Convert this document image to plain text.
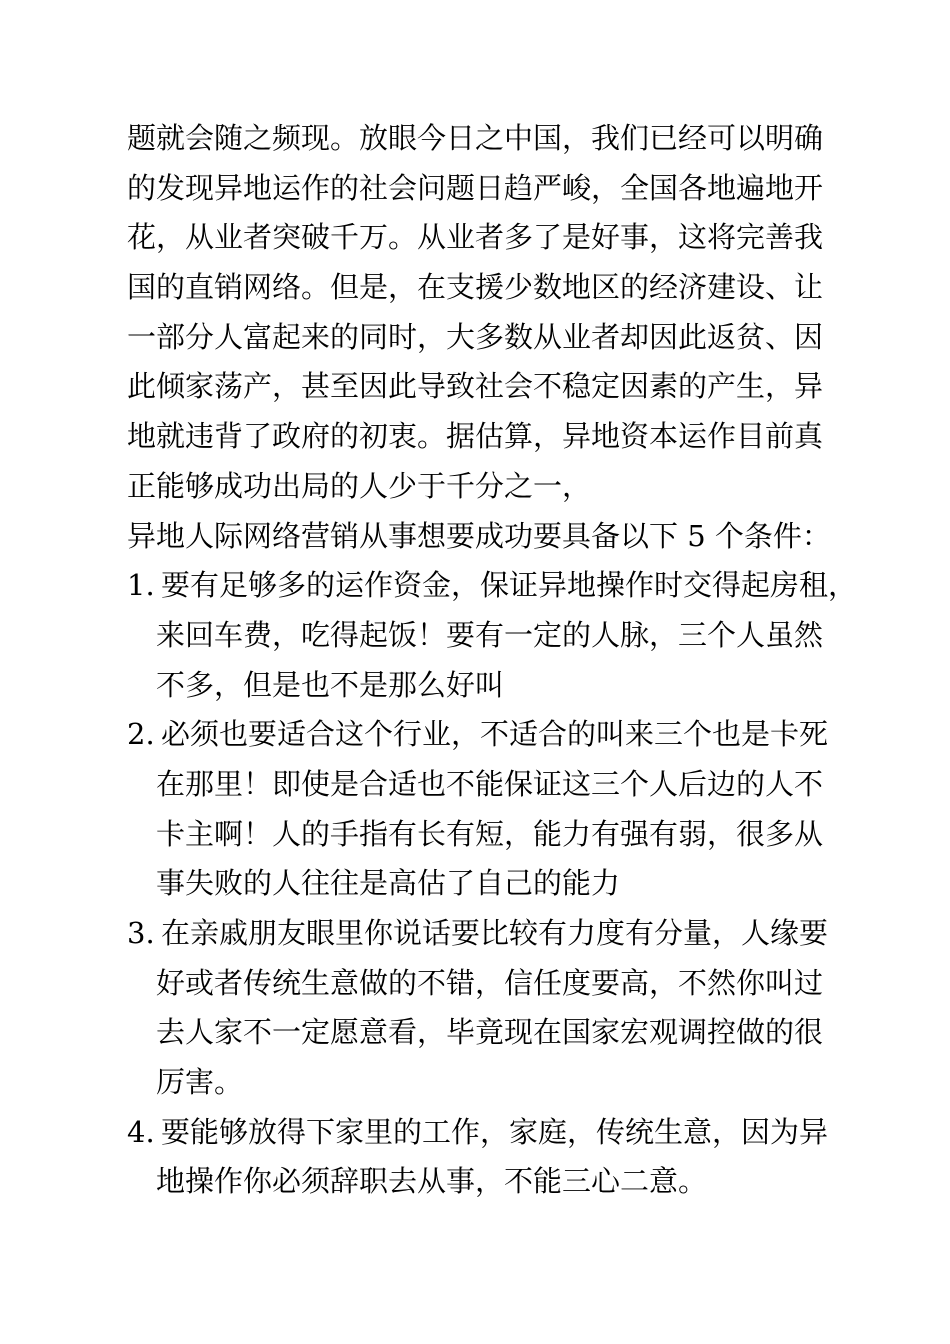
题就会随之频现。放眼今日之中国，我们已经可以明确
的发现异地运作的社会问题日趋严峻，全国各地遍地开
花，从业者突破千万。从业者多了是好事，这将完善我
国的直销网络。但是，在支援少数地区的经济建设、让
一部分人富起来的同时，大多数从业者却因此返贫、因
此倾家荡产，甚至因此导致社会不稳定因素的产生，异
地就违背了政府的初衷。据估算，异地资本运作目前真
正能够成功出局的人少于千分之一，
异地人际网络营销从事想要成功要具备以下 5 个条件：
1. 要有足够多的运作资金，保证异地操作时交得起房租，
来回车费，吃得起饭！要有一定的人脉，三个人虽然
不多，但是也不是那么好叫
2. 必须也要适合这个行业，不适合的叫来三个也是卡死
在那里！即使是合适也不能保证这三个人后边的人不
卡主啊！人的手指有长有短，能力有强有弱，很多从
事失败的人往往是高估了自己的能力
3. 在亲戚朋友眼里你说话要比较有力度有分量，人缘要
好或者传统生意做的不错，信任度要高，不然你叫过
去人家不一定愿意看，毕竟现在国家宏观调控做的很
厉害。
4. 要能够放得下家里的工作，家庭，传统生意，因为异
地操作你必须辞职去从事，不能三心二意。
